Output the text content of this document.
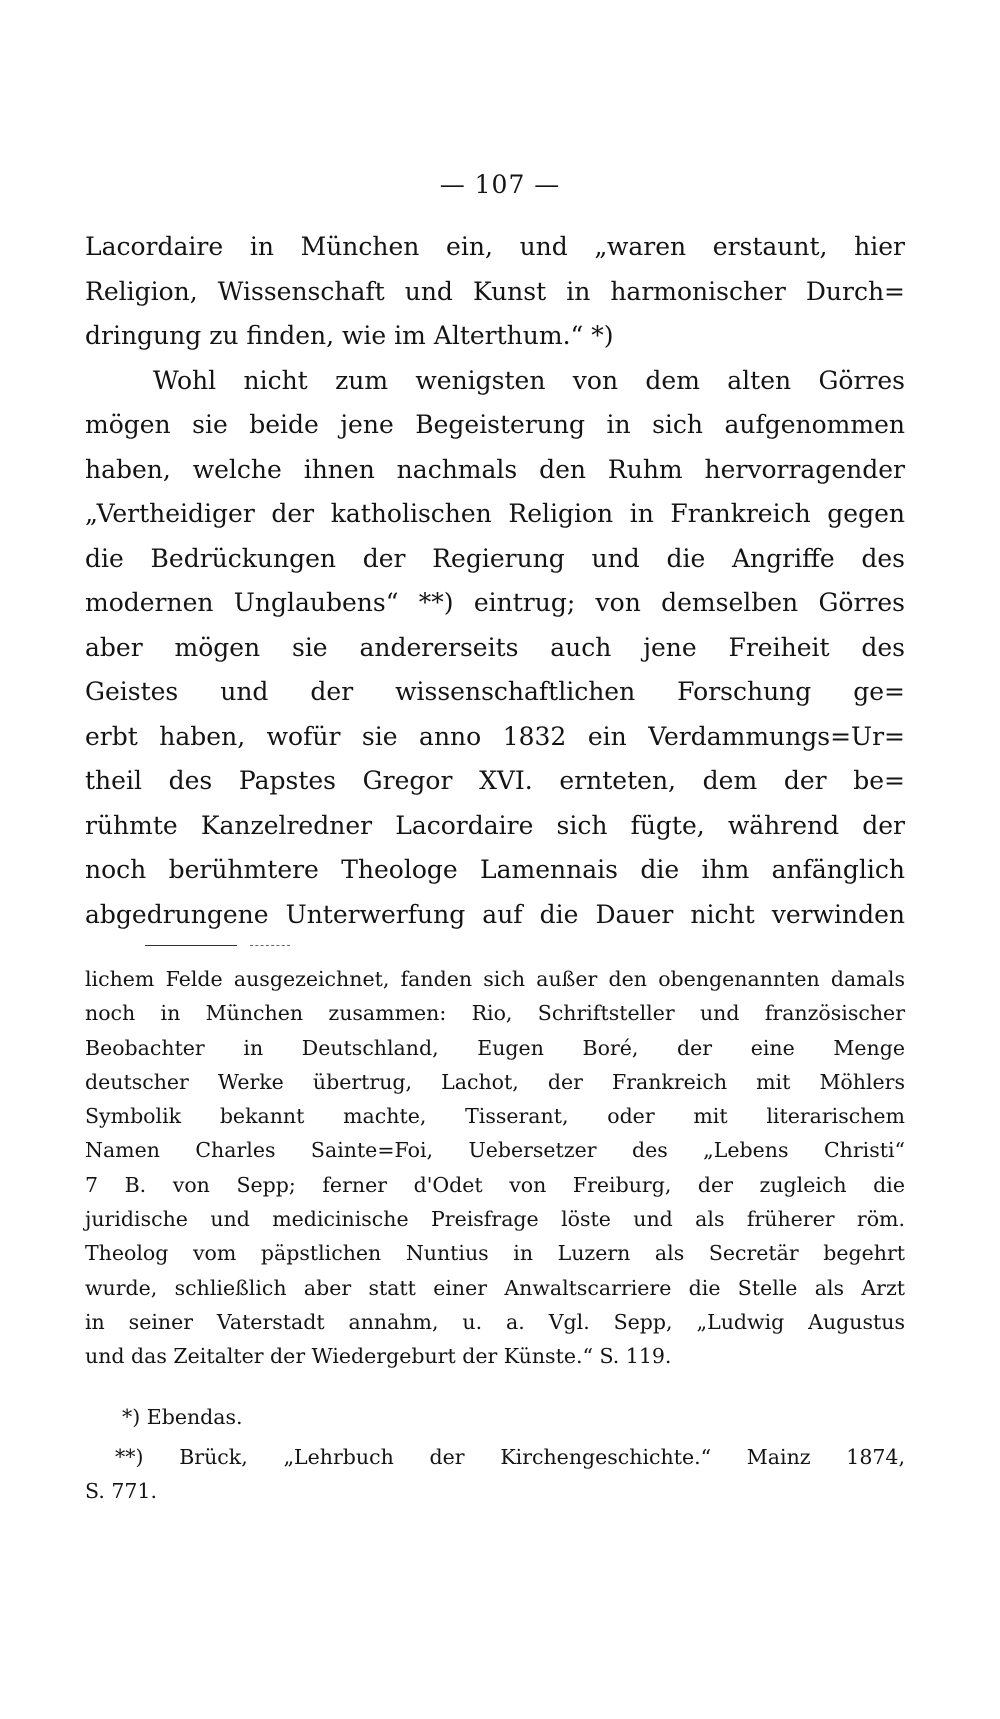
— 107 —
Lacordaire in München ein, und „waren erstaunt, hier
Religion, Wissenschaft und Kunst in harmonischer Durch=
dringung zu finden, wie im Alterthum.“ *)
Wohl nicht zum wenigsten von dem alten Görres
mögen sie beide jene Begeisterung in sich aufgenommen
haben, welche ihnen nachmals den Ruhm hervorragender
„Vertheidiger der katholischen Religion in Frankreich gegen
die Bedrückungen der Regierung und die Angriffe des
modernen Unglaubens“ **) eintrug; von demselben Görres
aber mögen sie andererseits auch jene Freiheit des
Geistes und der wissenschaftlichen Forschung ge=
erbt haben, wofür sie anno 1832 ein Verdammungs=Ur=
theil des Papstes Gregor XVI. ernteten, dem der be=
rühmte Kanzelredner Lacordaire sich fügte, während der
noch berühmtere Theologe Lamennais die ihm anfänglich
abgedrungene Unterwerfung auf die Dauer nicht verwinden
lichem Felde ausgezeichnet, fanden sich außer den obengenannten damals
noch in München zusammen: Rio, Schriftsteller und französischer
Beobachter in Deutschland, Eugen Boré, der eine Menge
deutscher Werke übertrug, Lachot, der Frankreich mit Möhlers
Symbolik bekannt machte, Tisserant, oder mit literarischem
Namen Charles Sainte=Foi, Uebersetzer des „Lebens Christi“
7 B. von Sepp; ferner d'Odet von Freiburg, der zugleich die
juridische und medicinische Preisfrage löste und als früherer röm.
Theolog vom päpstlichen Nuntius in Luzern als Secretär begehrt
wurde, schließlich aber statt einer Anwaltscarriere die Stelle als Arzt
in seiner Vaterstadt annahm, u. a. Vgl. Sepp, „Ludwig Augustus
und das Zeitalter der Wiedergeburt der Künste.“ S. 119.
*) Ebendas.
**) Brück, „Lehrbuch der Kirchengeschichte.“ Mainz 1874,
S. 771.
